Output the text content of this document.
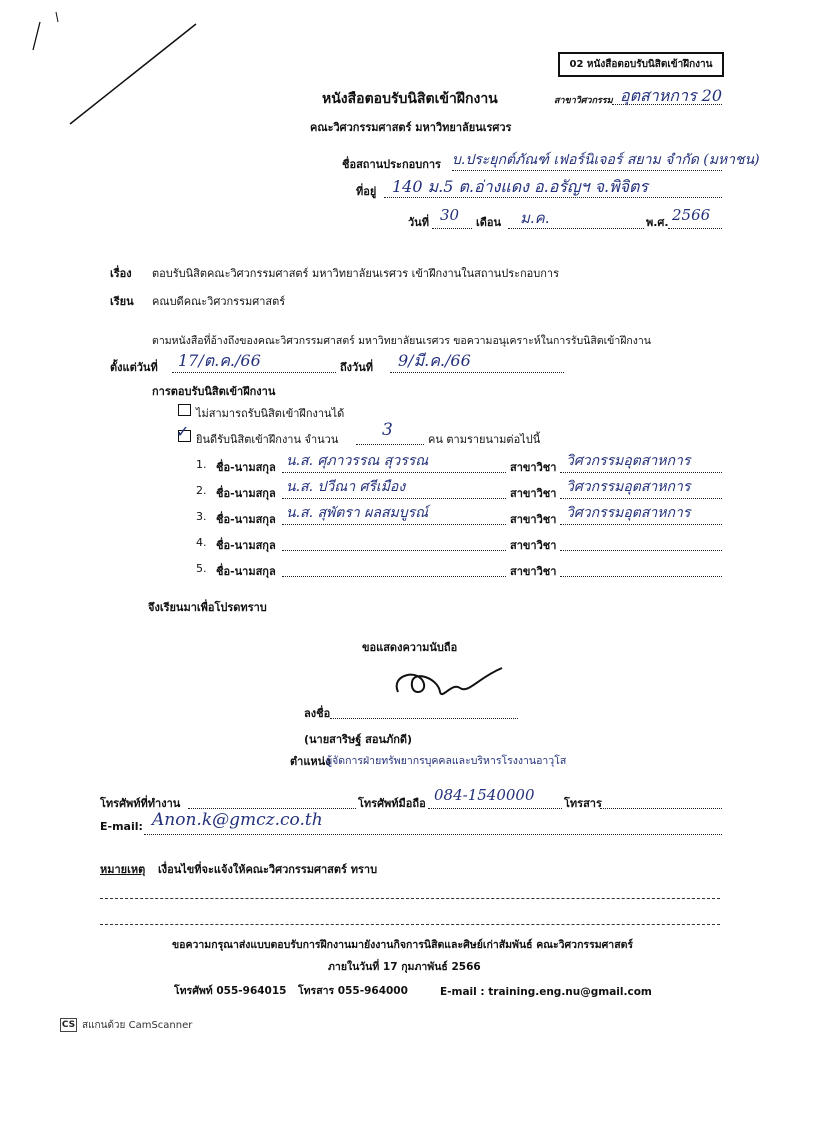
02 หนังสือตอบรับนิสิตเข้าฝึกงาน
หนังสือตอบรับนิสิตเข้าฝึกงาน	สาขาวิศวกรรม อุตสาหการ 20
คณะวิศวกรรมศาสตร์ มหาวิทยาลัยนเรศวร
ชื่อสถานประกอบการ บ.ประยุกต์ภัณฑ์ เฟอร์นิเจอร์ สยาม จำกัด (มหาชน)
ที่อยู่ 140 ม.5 ต.อ่างแดง อ.อรัญฯ จ.พิจิตร
วันที่ 30 เดือน ม.ค.	พ.ศ. 2566
เรื่อง ตอบรับนิสิตคณะวิศวกรรมศาสตร์ มหาวิทยาลัยนเรศวร เข้าฝึกงานในสถานประกอบการ
เรียน คณบดีคณะวิศวกรรมศาสตร์
ตามหนังสือที่อ้างถึงของคณะวิศวกรรมศาสตร์ มหาวิทยาลัยนเรศวร ขอความอนุเคราะห์ในการรับนิสิตเข้าฝึกงาน
ตั้งแต่วันที่ 17/ต.ค./66	ถึงวันที่ 9/มี.ค./66
การตอบรับนิสิตเข้าฝึกงาน
ไม่สามารถรับนิสิตเข้าฝึกงานได้
✓ ยินดีรับนิสิตเข้าฝึกงาน จำนวน	3	คน ตามรายนามต่อไปนี้
1. ชื่อ-นามสกุล น.ส. ศุภาวรรณ สุวรรณ	สาขาวิชา วิศวกรรมอุตสาหการ
2. ชื่อ-นามสกุล น.ส. ปวีณา ศรีเมือง	สาขาวิชา วิศวกรรมอุตสาหการ
3. ชื่อ-นามสกุล น.ส. สุพัตรา ผลสมบูรณ์	สาขาวิชา วิศวกรรมอุตสาหการ
4. ชื่อ-นามสกุล	สาขาวิชา
5. ชื่อ-นามสกุล	สาขาวิชา
จึงเรียนมาเพื่อโปรดทราบ
ขอแสดงความนับถือ
ลงชื่อ
(นายสาริษฐ์ สอนภักดี)
ตำแหน่ง
ผู้จัดการฝ่ายทรัพยากรบุคคลและบริหารโรงงานอาวุโส
โทรศัพท์ที่ทำงาน	โทรศัพท์มือถือ 084-1540000	โทรสาร
E-mail: Anon.k@gmcz.co.th
หมายเหตุ เงื่อนไขที่จะแจ้งให้คณะวิศวกรรมศาสตร์ ทราบ
ขอความกรุณาส่งแบบตอบรับการฝึกงานมายังงานกิจการนิสิตและศิษย์เก่าสัมพันธ์ คณะวิศวกรรมศาสตร์
ภายในวันที่ 17 กุมภาพันธ์ 2566
โทรศัพท์ 055-964015 โทรสาร 055-964000	E-mail : training.eng.nu@gmail.com
CS สแกนด้วย CamScanner
